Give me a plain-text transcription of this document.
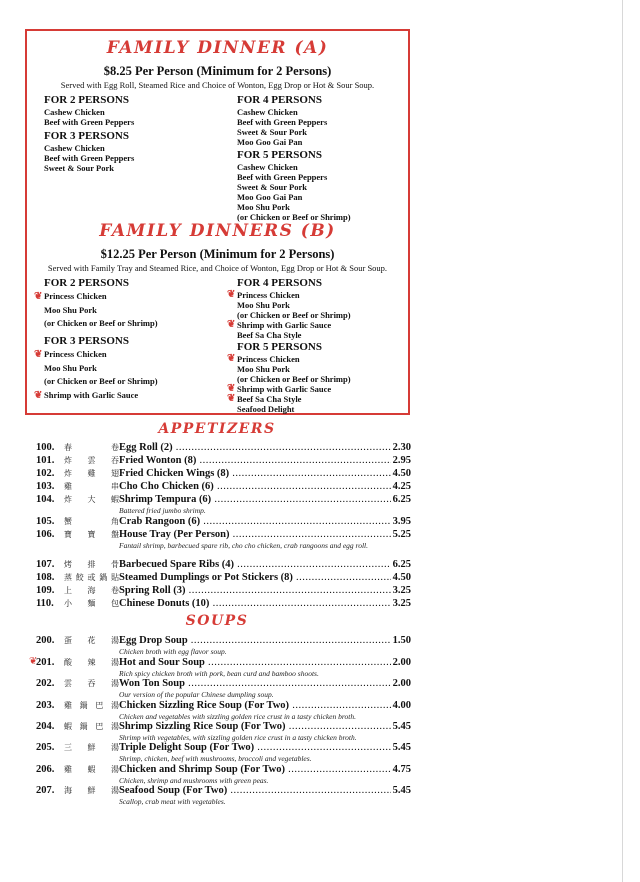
FAMILY DINNER (A)
$8.25 Per Person (Minimum for 2 Persons)
Served with Egg Roll, Steamed Rice and Choice of Wonton, Egg Drop or Hot & Sour Soup.
FOR 2 PERSONS
Cashew Chicken
Beef with Green Peppers
FOR 3 PERSONS
Cashew Chicken
Beef with Green Peppers
Sweet & Sour Pork
FOR 4 PERSONS
Cashew Chicken
Beef with Green Peppers
Sweet & Sour Pork
Moo Goo Gai Pan
FOR 5 PERSONS
Cashew Chicken
Beef with Green Peppers
Sweet & Sour Pork
Moo Goo Gai Pan
Moo Shu Pork
(or Chicken or Beef or Shrimp)
FAMILY DINNERS (B)
$12.25 Per Person (Minimum for 2 Persons)
Served with Family Tray and Steamed Rice, and Choice of Wonton, Egg Drop or Hot & Sour Soup.
FOR 2 PERSONS
❦ Princess Chicken
Moo Shu Pork
(or Chicken or Beef or Shrimp)
FOR 3 PERSONS
❦ Princess Chicken
Moo Shu Pork
(or Chicken or Beef or Shrimp)
❦ Shrimp with Garlic Sauce
FOR 4 PERSONS
❦ Princess Chicken
Moo Shu Pork
(or Chicken or Beef or Shrimp)
❦ Shrimp with Garlic Sauce
Beef Sa Cha Style
FOR 5 PERSONS
❦ Princess Chicken
Moo Shu Pork
(or Chicken or Beef or Shrimp)
❦ Shrimp with Garlic Sauce
❦ Beef Sa Cha Style
Seafood Delight
APPETIZERS
100. 春	卷 Egg Roll (2) .....	2.30
101. 炸 雲 吞 Fried Wonton (8) .....	2.95
102. 炸 雞 翅 Fried Chicken Wings (8) .....	4.50
103. 雞	串 Cho Cho Chicken (6) .....	4.25
104. 炸 大 蝦 Shrimp Tempura (6) .....	6.25
Battered fried jumbo shrimp.
105. 蟹	角 Crab Rangoon (6) .....	3.95
106. 寶 寶 盤 House Tray (Per Person) .....	5.25
Fantail shrimp, barbecued spare rib, cho cho chicken, crab rangoons and egg roll.
107. 烤 排 骨 Barbecued Spare Ribs (4) .....	6.25
108. 蒸 餃 或 鍋 貼 Steamed Dumplings or Pot Stickers (8) .....	4.50
109. 上 海 卷 Spring Roll (3) .....	3.25
110. 小 麵 包 Chinese Donuts (10) .....	3.25
SOUPS
200. 蛋 花 湯 Egg Drop Soup .....	1.50
Chicken broth with egg flavor soup.
❦
201. 酸 辣 湯 Hot and Sour Soup .....	2.00
Rich spicy chicken broth with pork, bean curd and bamboo shoots.
202. 雲 吞 湯 Won Ton Soup .....	2.00
Our version of the popular Chinese dumpling soup.
203. 雞 鍋 巴 湯 Chicken Sizzling Rice Soup (For Two) .....	4.00
Chicken and vegetables with sizzling golden rice crust in a tasty chicken broth.
204. 蝦 鍋 巴 湯 Shrimp Sizzling Rice Soup (For Two) .....	5.45
Shrimp with vegetables, with sizzling golden rice crust in a tasty chicken broth.
205. 三 鮮 湯 Triple Delight Soup (For Two) .....	5.45
Shrimp, chicken, beef with mushrooms, broccoli and vegetables.
206. 雞 蝦 湯 Chicken and Shrimp Soup (For Two) .....	4.75
Chicken, shrimp and mushrooms with green peas.
207. 海 鮮 湯 Seafood Soup (For Two) .....	5.45
Scallop, crab meat with vegetables.
